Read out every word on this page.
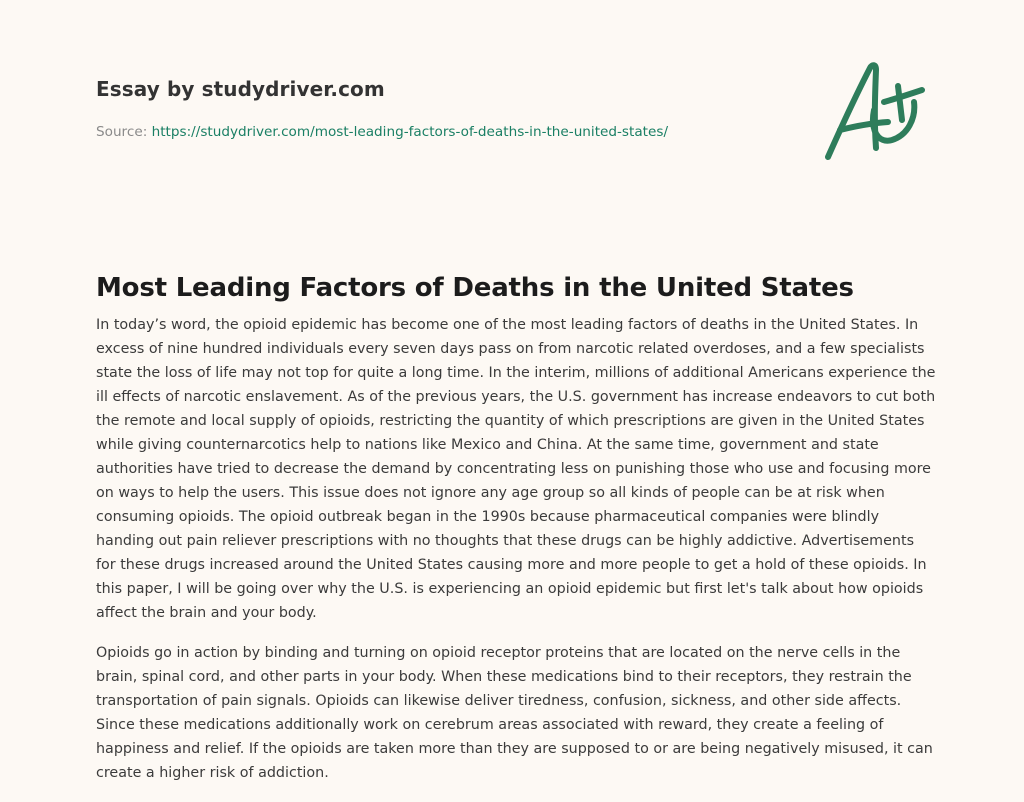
Essay by studydriver.com
Source: https://studydriver.com/most-leading-factors-of-deaths-in-the-united-states/
Most Leading Factors of Deaths in the United States

In today’s word, the opioid epidemic has become one of the most leading factors of deaths in the United States. In excess of nine hundred individuals every seven days pass on from narcotic related overdoses, and a few specialists state the loss of life may not top for quite a long time. In the interim, millions of additional Americans experience the ill effects of narcotic enslavement. As of the previous years, the U.S. government has increase endeavors to cut both the remote and local supply of opioids, restricting the quantity of which prescriptions are given in the United States while giving counternarcotics help to nations like Mexico and China. At the same time, government and state authorities have tried to decrease the demand by concentrating less on punishing those who use and focusing more on ways to help the users. This issue does not ignore any age group so all kinds of people can be at risk when consuming opioids. The opioid outbreak began in the 1990s because pharmaceutical companies were blindly handing out pain reliever prescriptions with no thoughts that these drugs can be highly addictive. Advertisements for these drugs increased around the United States causing more and more people to get a hold of these opioids. In this paper, I will be going over why the U.S. is experiencing an opioid epidemic but first let's talk about how opioids affect the brain and your body.

Opioids go in action by binding and turning on opioid receptor proteins that are located on the nerve cells in the brain, spinal cord, and other parts in your body. When these medications bind to their receptors, they restrain the transportation of pain signals. Opioids can likewise deliver tiredness, confusion, sickness, and other side affects. Since these medications additionally work on cerebrum areas associated with reward, they create a feeling of happiness and relief. If the opioids are taken more than they are supposed to or are being negatively misused, it can create a higher risk of addiction.
